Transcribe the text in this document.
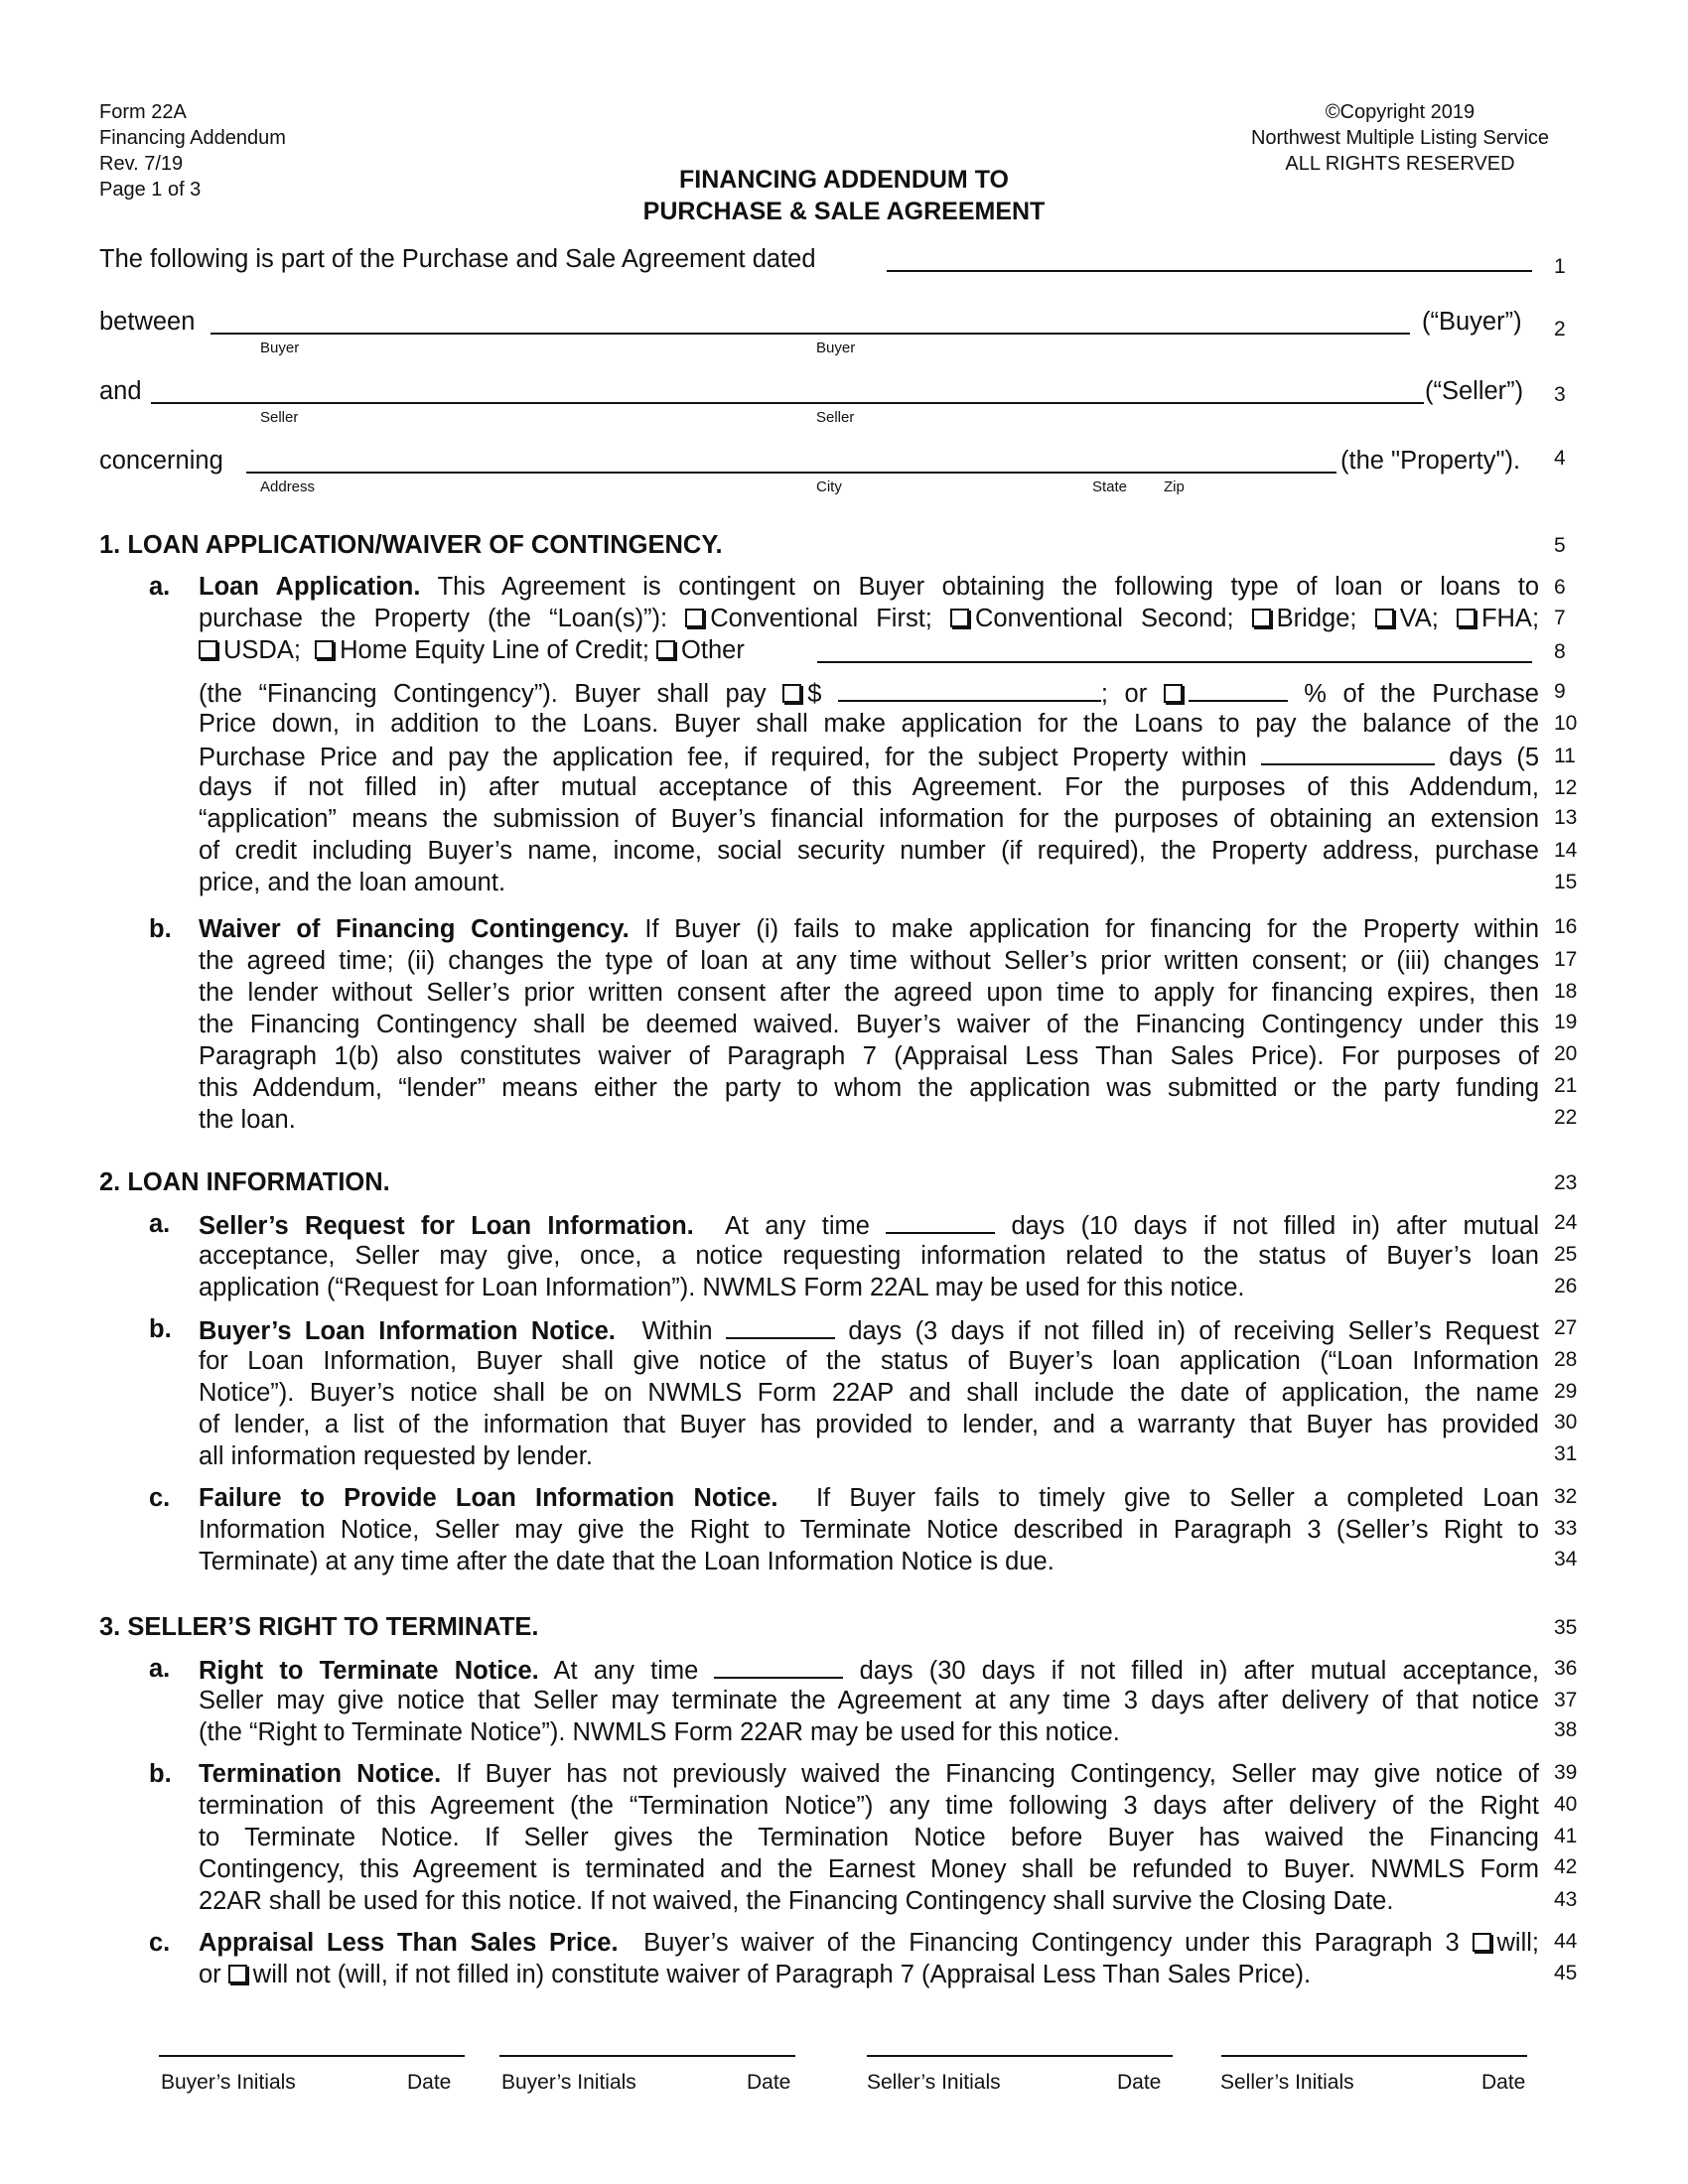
Form 22A
Financing Addendum
Rev. 7/19
Page 1 of 3
©Copyright 2019
Northwest Multiple Listing Service
ALL RIGHTS RESERVED
FINANCING ADDENDUM TO
PURCHASE & SALE AGREEMENT
1
2
3
4
5
6
7
8
9
10
11
12
13
14
15
16
17
18
19
20
21
22
23
24
25
26
27
28
29
30
31
32
33
34
35
36
37
38
39
40
41
42
43
44
45
The following is part of the Purchase and Sale Agreement dated
between	(“Buyer”)
Buyer	Buyer
and	(“Seller”)
Seller	Seller
concerning	(the "Property").
Address	City	State Zip
1. LOAN APPLICATION/WAIVER OF CONTINGENCY.
a. Loan Application. This Agreement is contingent on Buyer obtaining the following type of loan or loans to
purchase the Property (the “Loan(s)”): Conventional First; Conventional Second; Bridge; VA; FHA;
USDA; Home Equity Line of Credit; Other
(the “Financing Contingency”). Buyer shall pay $	; or	% of the Purchase
Price down, in addition to the Loans. Buyer shall make application for the Loans to pay the balance of the
Purchase Price and pay the application fee, if required, for the subject Property within	days (5
days if not filled in) after mutual acceptance of this Agreement. For the purposes of this Addendum,
“application” means the submission of Buyer’s financial information for the purposes of obtaining an extension
of credit including Buyer’s name, income, social security number (if required), the Property address, purchase
price, and the loan amount.
b. Waiver of Financing Contingency. If Buyer (i) fails to make application for financing for the Property within
the agreed time; (ii) changes the type of loan at any time without Seller’s prior written consent; or (iii) changes
the lender without Seller’s prior written consent after the agreed upon time to apply for financing expires, then
the Financing Contingency shall be deemed waived. Buyer’s waiver of the Financing Contingency under this
Paragraph 1(b) also constitutes waiver of Paragraph 7 (Appraisal Less Than Sales Price). For purposes of
this Addendum, “lender” means either the party to whom the application was submitted or the party funding
the loan.
2. LOAN INFORMATION.
a. Seller’s Request for Loan Information. At any time	days (10 days if not filled in) after mutual
acceptance, Seller may give, once, a notice requesting information related to the status of Buyer’s loan
application (“Request for Loan Information”). NWMLS Form 22AL may be used for this notice.
b. Buyer’s Loan Information Notice. Within	days (3 days if not filled in) of receiving Seller’s Request
for Loan Information, Buyer shall give notice of the status of Buyer’s loan application (“Loan Information
Notice”). Buyer’s notice shall be on NWMLS Form 22AP and shall include the date of application, the name
of lender, a list of the information that Buyer has provided to lender, and a warranty that Buyer has provided
all information requested by lender.
c. Failure to Provide Loan Information Notice. If Buyer fails to timely give to Seller a completed Loan
Information Notice, Seller may give the Right to Terminate Notice described in Paragraph 3 (Seller’s Right to
Terminate) at any time after the date that the Loan Information Notice is due.
3. SELLER’S RIGHT TO TERMINATE.
a. Right to Terminate Notice. At any time	days (30 days if not filled in) after mutual acceptance,
Seller may give notice that Seller may terminate the Agreement at any time 3 days after delivery of that notice
(the “Right to Terminate Notice”). NWMLS Form 22AR may be used for this notice.
b. Termination Notice. If Buyer has not previously waived the Financing Contingency, Seller may give notice of
termination of this Agreement (the “Termination Notice”) any time following 3 days after delivery of the Right
to Terminate Notice. If Seller gives the Termination Notice before Buyer has waived the Financing
Contingency, this Agreement is terminated and the Earnest Money shall be refunded to Buyer. NWMLS Form
22AR shall be used for this notice. If not waived, the Financing Contingency shall survive the Closing Date.
c. Appraisal Less Than Sales Price. Buyer’s waiver of the Financing Contingency under this Paragraph 3 will;
or will not (will, if not filled in) constitute waiver of Paragraph 7 (Appraisal Less Than Sales Price).
Buyer’s Initials	Date Buyer’s Initials	Date	Seller’s Initials	Date	Seller’s Initials	Date
